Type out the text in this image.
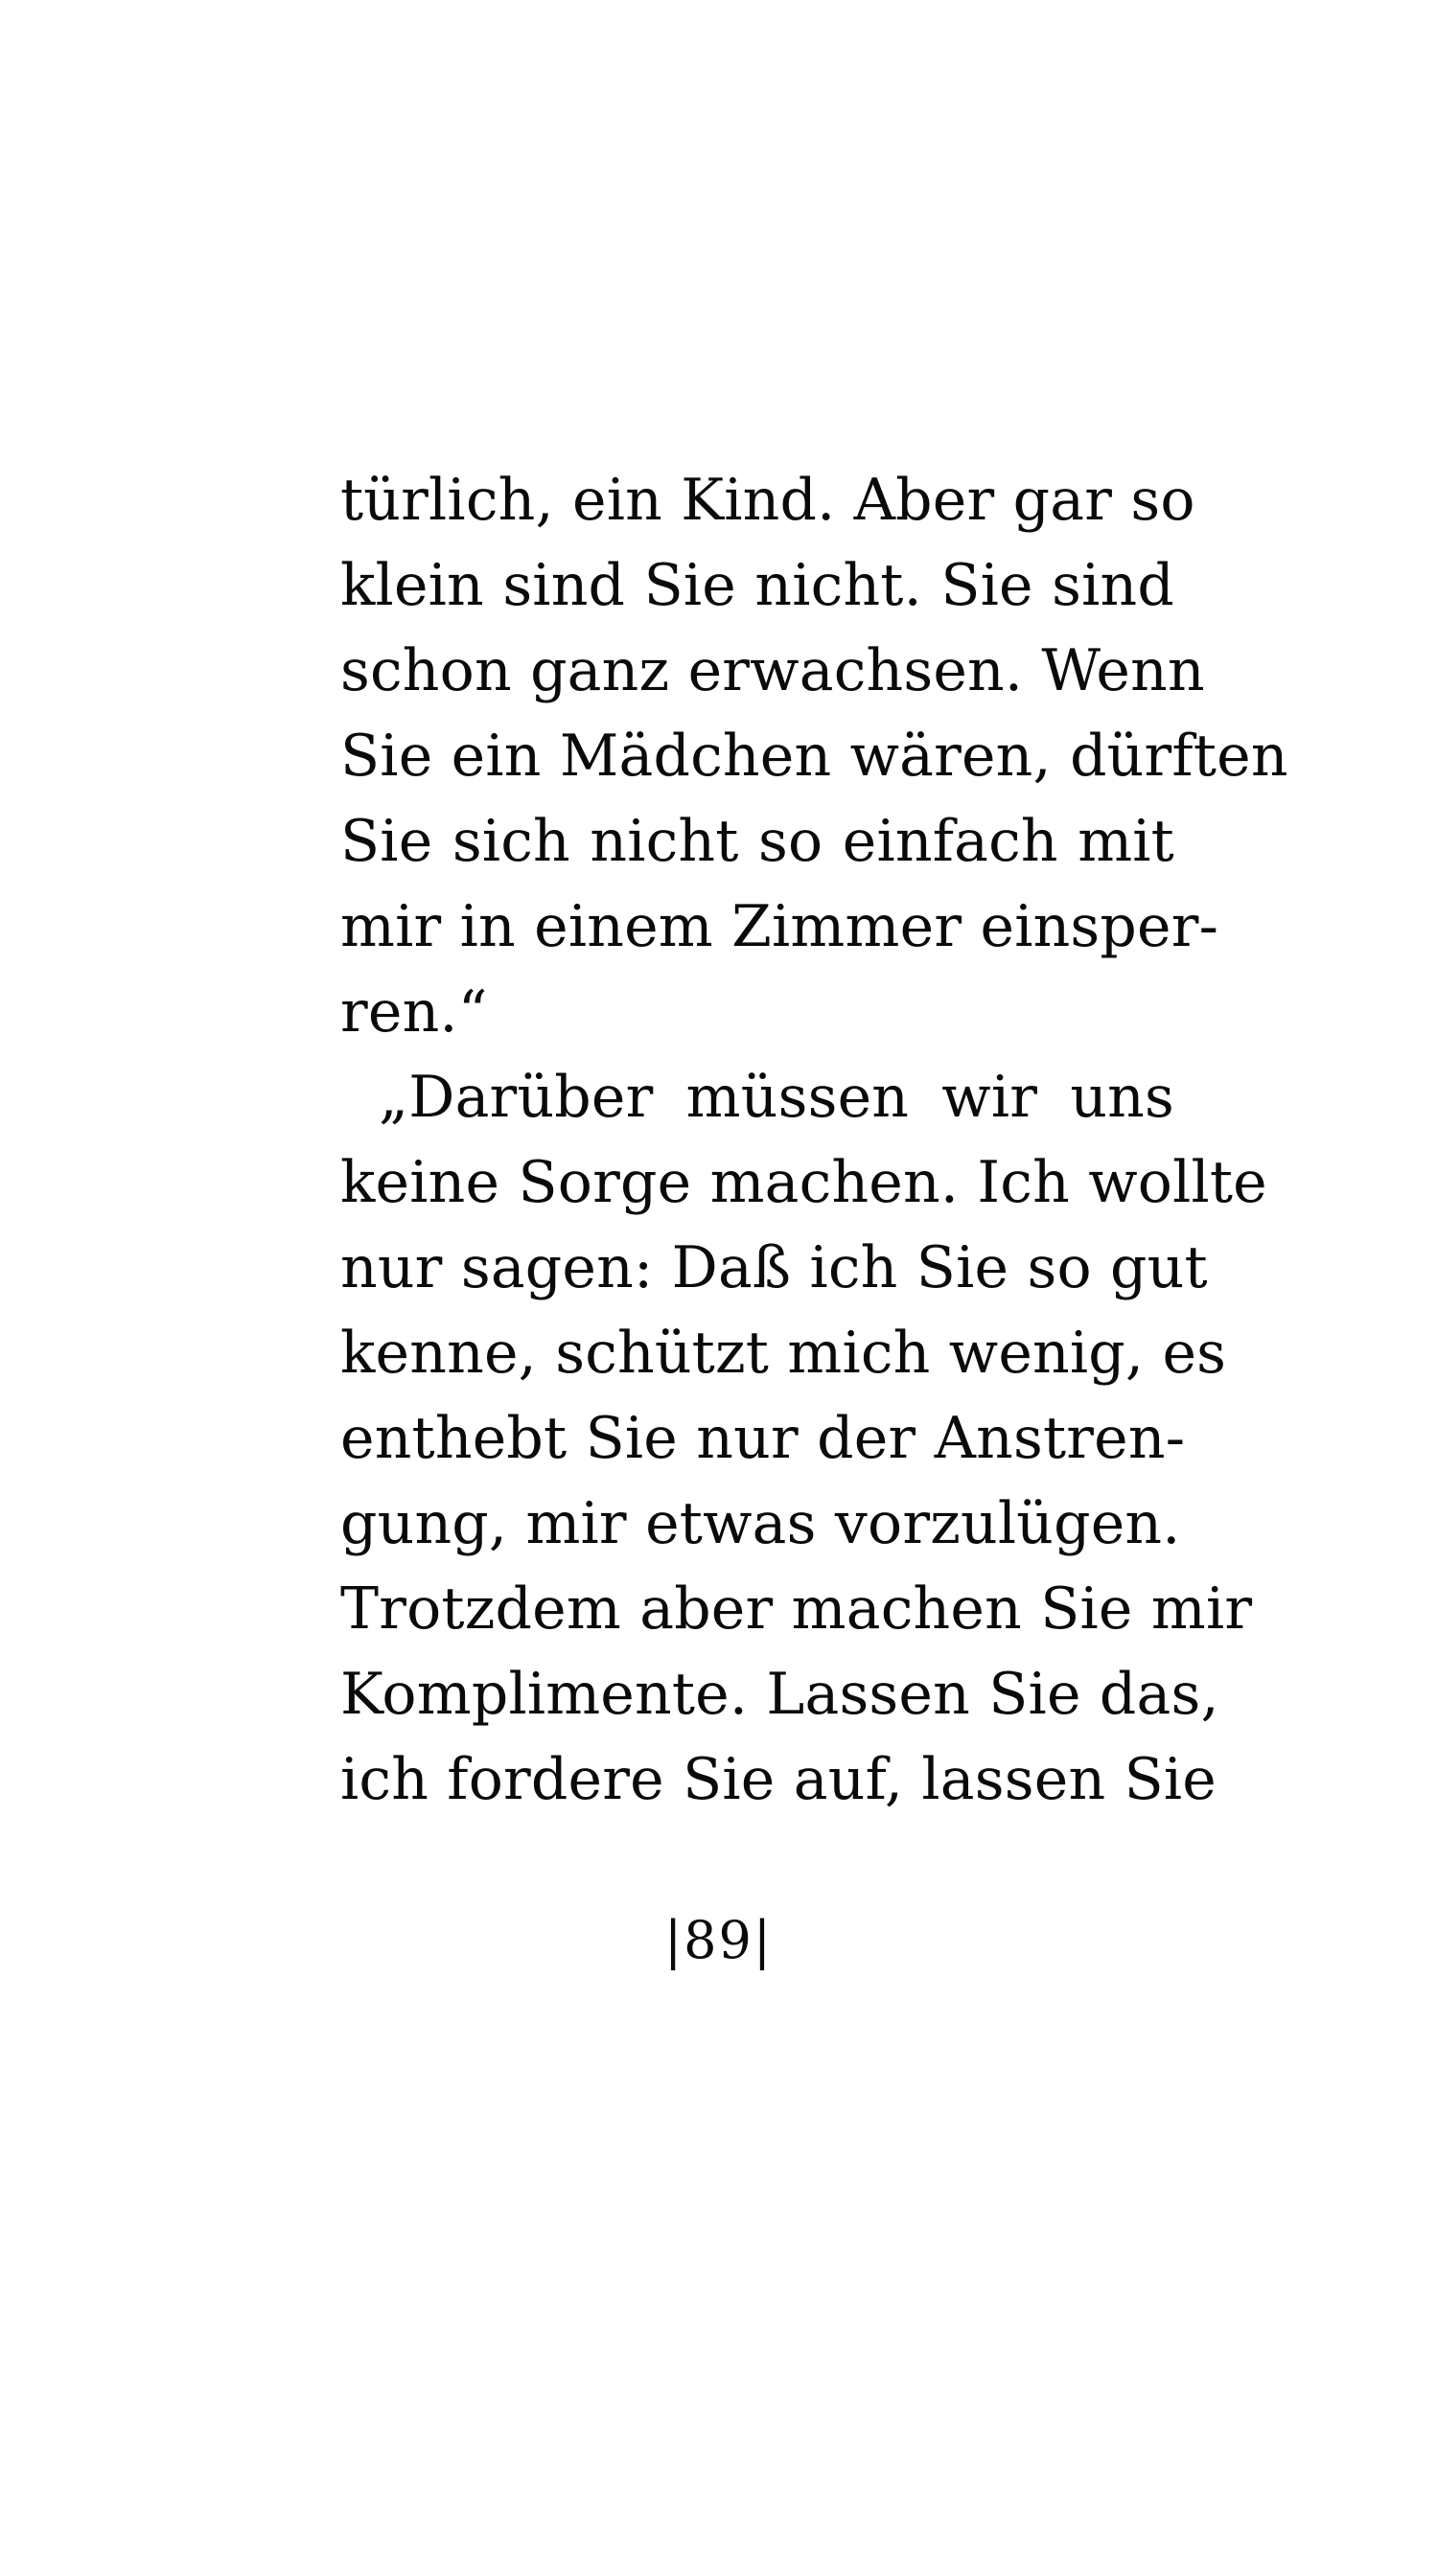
türlich, ein Kind. Aber gar so
klein sind Sie nicht. Sie sind
schon ganz erwachsen. Wenn
Sie ein Mädchen wären, dürften
Sie sich nicht so einfach mit
mir in einem Zimmer einsper-
ren.“
„Darüber müssen wir uns
keine Sorge machen. Ich wollte
nur sagen: Daß ich Sie so gut
kenne, schützt mich wenig, es
enthebt Sie nur der Anstren-
gung, mir etwas vorzulügen.
Trotzdem aber machen Sie mir
Komplimente. Lassen Sie das,
ich fordere Sie auf, lassen Sie
|89|
